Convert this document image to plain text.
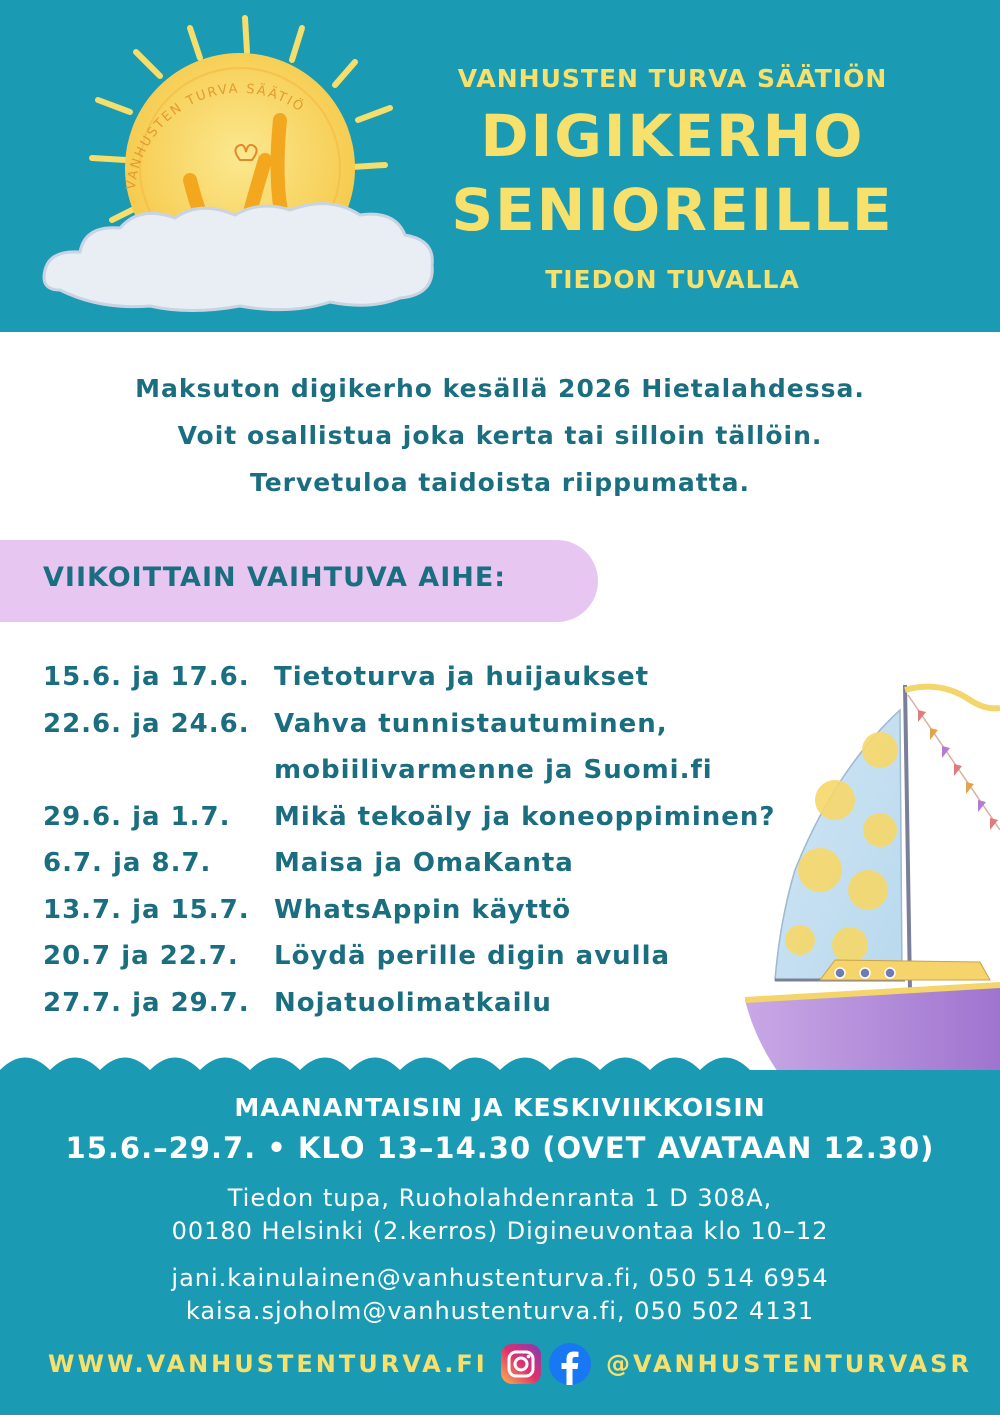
VANHUSTEN TURVA SÄÄTIÖ
VANHUSTEN TURVA SÄÄTIÖN
DIGIKERHO
SENIOREILLE
TIEDON TUVALLA
Maksuton digikerho kesällä 2026 Hietalahdessa.
Voit osallistua joka kerta tai silloin tällöin.
Tervetuloa taidoista riippumatta.
VIIKOITTAIN VAIHTUVA AIHE:
15.6. ja 17.6. Tietoturva ja huijaukset
22.6. ja 24.6. Vahva tunnistautuminen,
mobiilivarmenne ja Suomi.fi
29.6. ja 1.7.	Mikä tekoäly ja koneoppiminen?
6.7. ja 8.7.	Maisa ja OmaKanta
13.7. ja 15.7. WhatsAppin käyttö
20.7 ja 22.7.	Löydä perille digin avulla
27.7. ja 29.7. Nojatuolimatkailu
MAANANTAISIN JA KESKIVIIKKOISIN
15.6.–29.7. • KLO 13–14.30 (OVET AVATAAN 12.30)
Tiedon tupa, Ruoholahdenranta 1 D 308A,
00180 Helsinki (2.kerros) Digineuvontaa klo 10–12
jani.kainulainen@vanhustenturva.fi, 050 514 6954
kaisa.sjoholm@vanhustenturva.fi, 050 502 4131
WWW.VANHUSTENTURVA.FI	@VANHUSTENTURVASR
